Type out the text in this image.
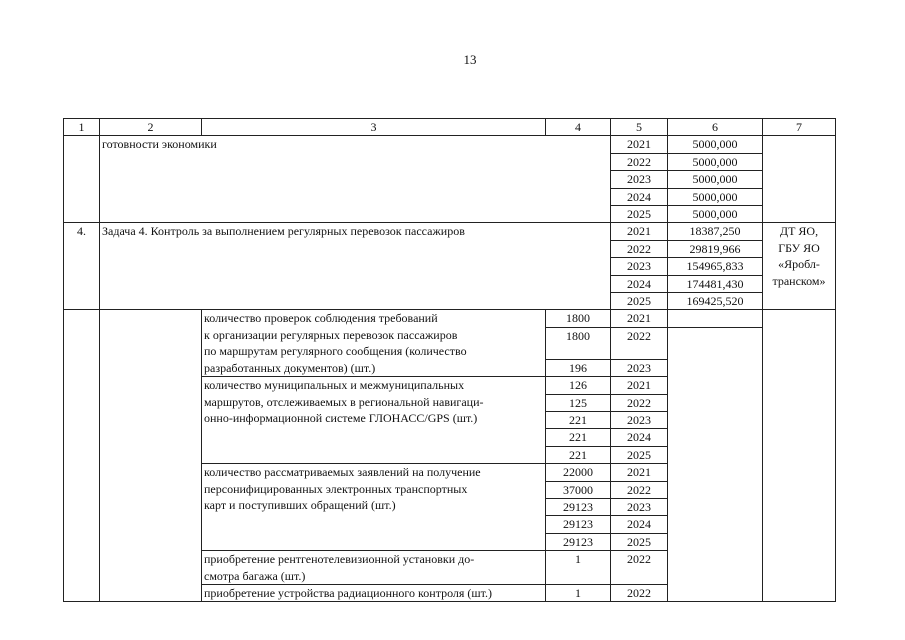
13
1	2	3	4	5	6	7
	готовности экономики			2021	5000,000	
				2022	5000,000	
				2023	5000,000	
				2024	5000,000	
				2025	5000,000	
4.	Задача 4. Контроль за выполнением регулярных перевозок пассажиров			2021	18387,250	ДТ ЯО,
ГБУ ЯО
«Яробл-
транском»

				2022	29819,966	
				2023	154965,833	
				2024	174481,430	
				2025	169425,520	

		количество проверок соблюдения требований
к организации регулярных перевозок пассажиров
по маршрутам регулярного сообщения (количество
разработанных документов) (шт.)	1800	2021		
			1800	2022		
			196	2023		

		количество муниципальных и межмуниципальных
маршрутов, отслеживаемых в региональной навигаци-
онно-информационной системе ГЛОНАСС/GPS (шт.)	126	2021		
			125	2022		
			221	2023		
			221	2024		
			221	2025		

		количество рассматриваемых заявлений на получение
персонифицированных электронных транспортных
карт и поступивших обращений (шт.)	22000	2021		
			37000	2022		
			29123	2023		
			29123	2024		
			29123	2025		

		приобретение рентгенотелевизионной установки до-
смотра багажа (шт.)	1	2022		

		приобретение устройства радиационного контроля (шт.)	1	2022		
